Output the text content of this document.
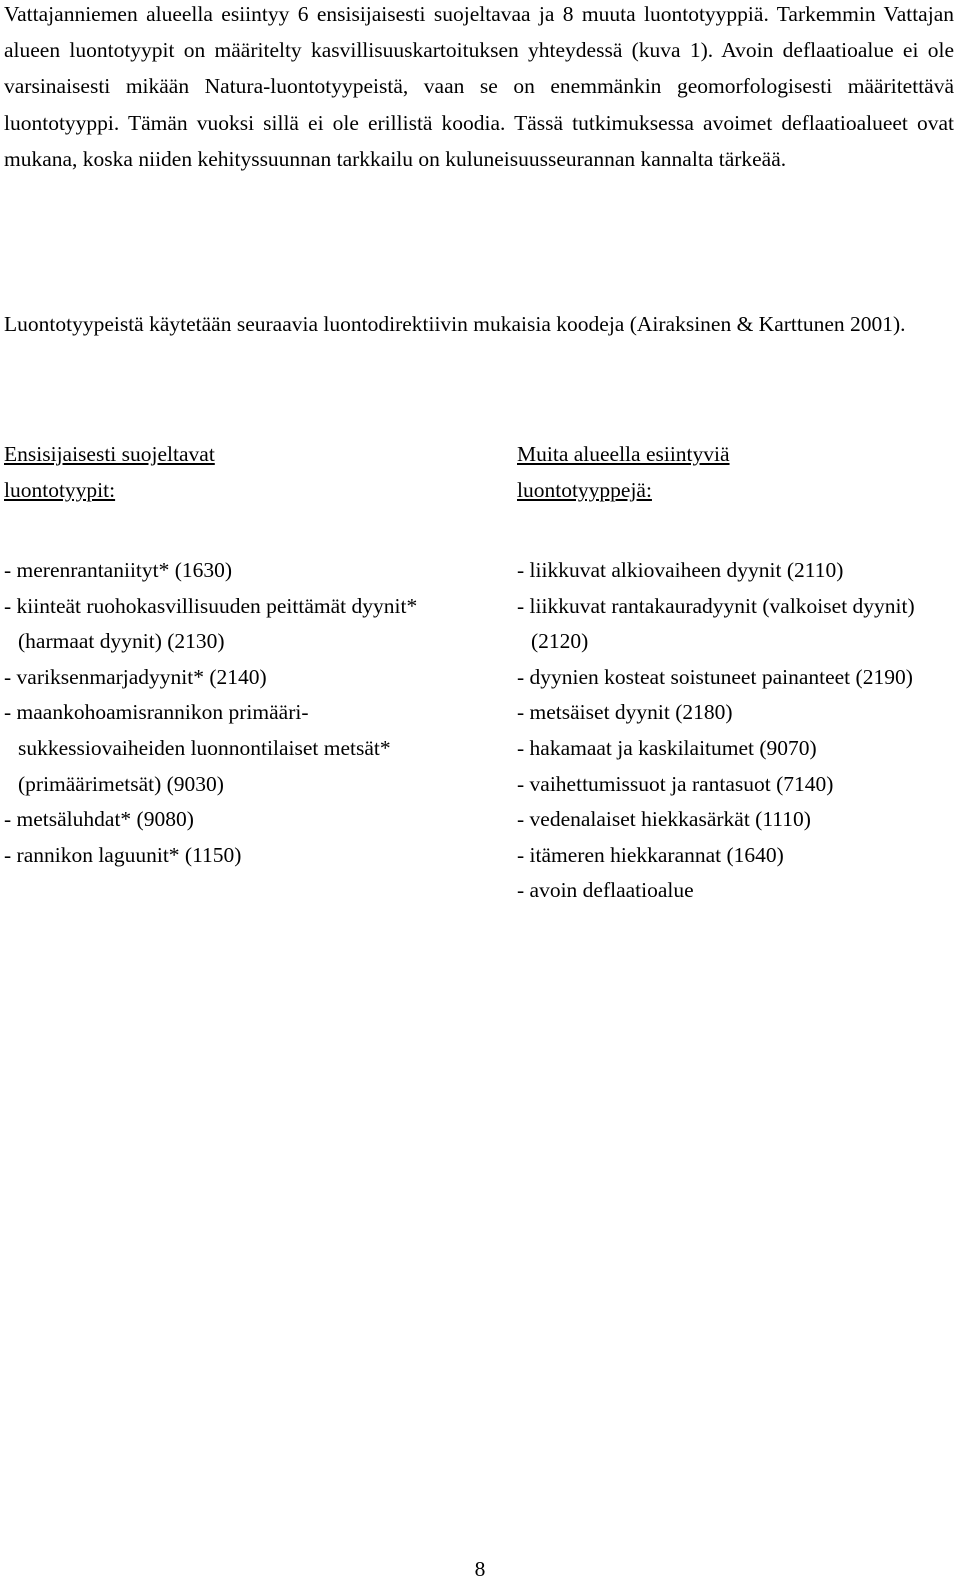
Vattajanniemen alueella esiintyy 6 ensisijaisesti suojeltavaa ja 8 muuta luontotyyppiä. Tarkemmin Vattajan alueen luontotyypit on määritelty kasvillisuuskartoituksen yhteydessä (kuva 1). Avoin deflaatioalue ei ole varsinaisesti mikään Natura-luontotyypeistä, vaan se on enemmänkin geomorfologisesti määritettävä luontotyyppi. Tämän vuoksi sillä ei ole erillistä koodia. Tässä tutkimuksessa avoimet deflaatioalueet ovat mukana, koska niiden kehityssuunnan tarkkailu on kuluneisuusseurannan kannalta tärkeää.

Luontotyypeistä käytetään seuraavia luontodirektiivin mukaisia koodeja (Airaksinen & Karttunen 2001).

Ensisijaisesti suojeltavat
luontotyypit:
- merenrantaniityt* (1630)
- kiinteät ruohokasvillisuuden peittämät dyynit* (harmaat dyynit) (2130)
- variksenmarjadyynit* (2140)
- maankohoamisrannikon primääri-sukkessiovaiheiden luonnontilaiset metsät* (primäärimetsät) (9030)
- metsäluhdat* (9080)
- rannikon laguunit* (1150)
Muita alueella esiintyviä
luontotyyppejä:
- liikkuvat alkiovaiheen dyynit (2110)
- liikkuvat rantakauradyynit (valkoiset dyynit) (2120)
- dyynien kosteat soistuneet painanteet (2190)
- metsäiset dyynit (2180)
- hakamaat ja kaskilaitumet (9070)
- vaihettumissuot ja rantasuot (7140)
- vedenalaiset hiekkasärkät (1110)
- itämeren hiekkarannat (1640)
- avoin deflaatioalue
8
